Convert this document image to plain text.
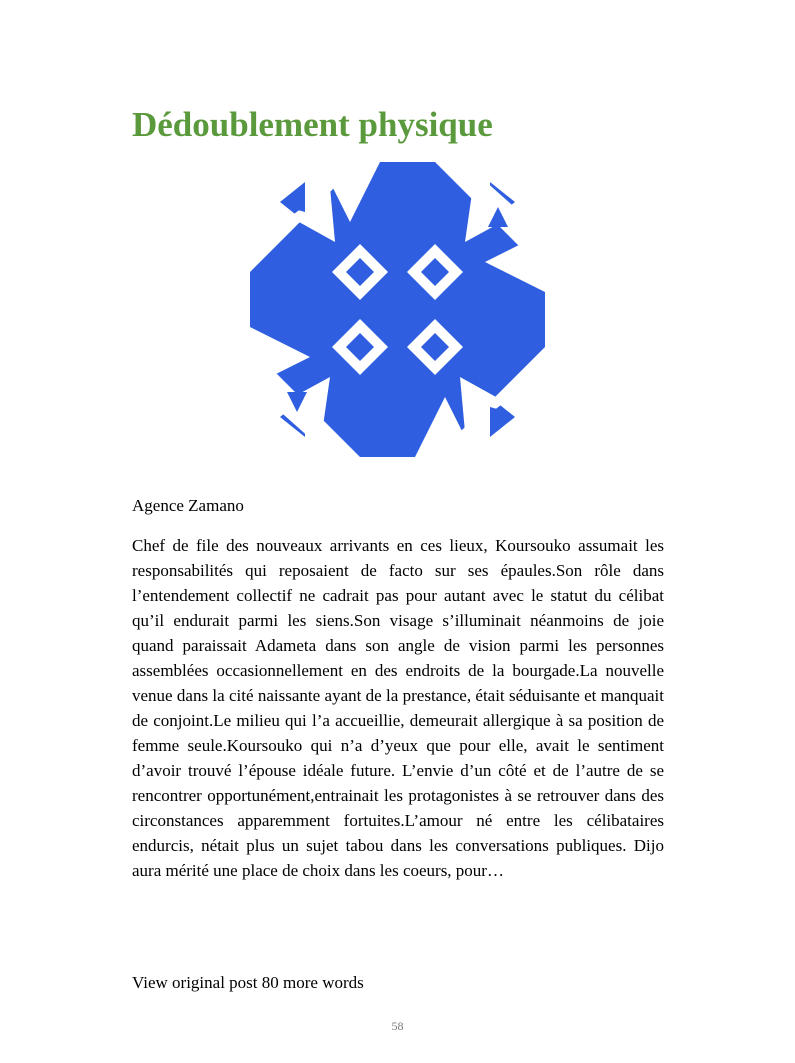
Dédoublement physique

Agence Zamano

Chef de file des nouveaux arrivants en ces lieux, Koursouko assumait les responsabilités qui reposaient de facto sur ses épaules.Son rôle dans l’entendement collectif ne cadrait pas pour autant avec le statut du célibat qu’il endurait parmi les siens.Son visage s’illuminait néanmoins de joie quand paraissait Adameta dans son angle de vision parmi les personnes assemblées occasionnellement en des endroits de la bourgade.La nouvelle venue dans la cité naissante ayant de la prestance, était séduisante et manquait de conjoint.Le milieu qui l’a accueillie, demeurait allergique à sa position de femme seule.Koursouko qui n’a d’yeux que pour elle, avait le sentiment d’avoir trouvé l’épouse idéale future. L’envie d’un côté et de l’autre de se rencontrer opportunément,entrainait les protagonistes à se retrouver dans des circonstances apparemment fortuites.L’amour né entre les célibataires endurcis, nétait plus un sujet tabou dans les conversations publiques. Dijo aura mérité une place de choix dans les coeurs, pour…

View original post 80 more words
58
